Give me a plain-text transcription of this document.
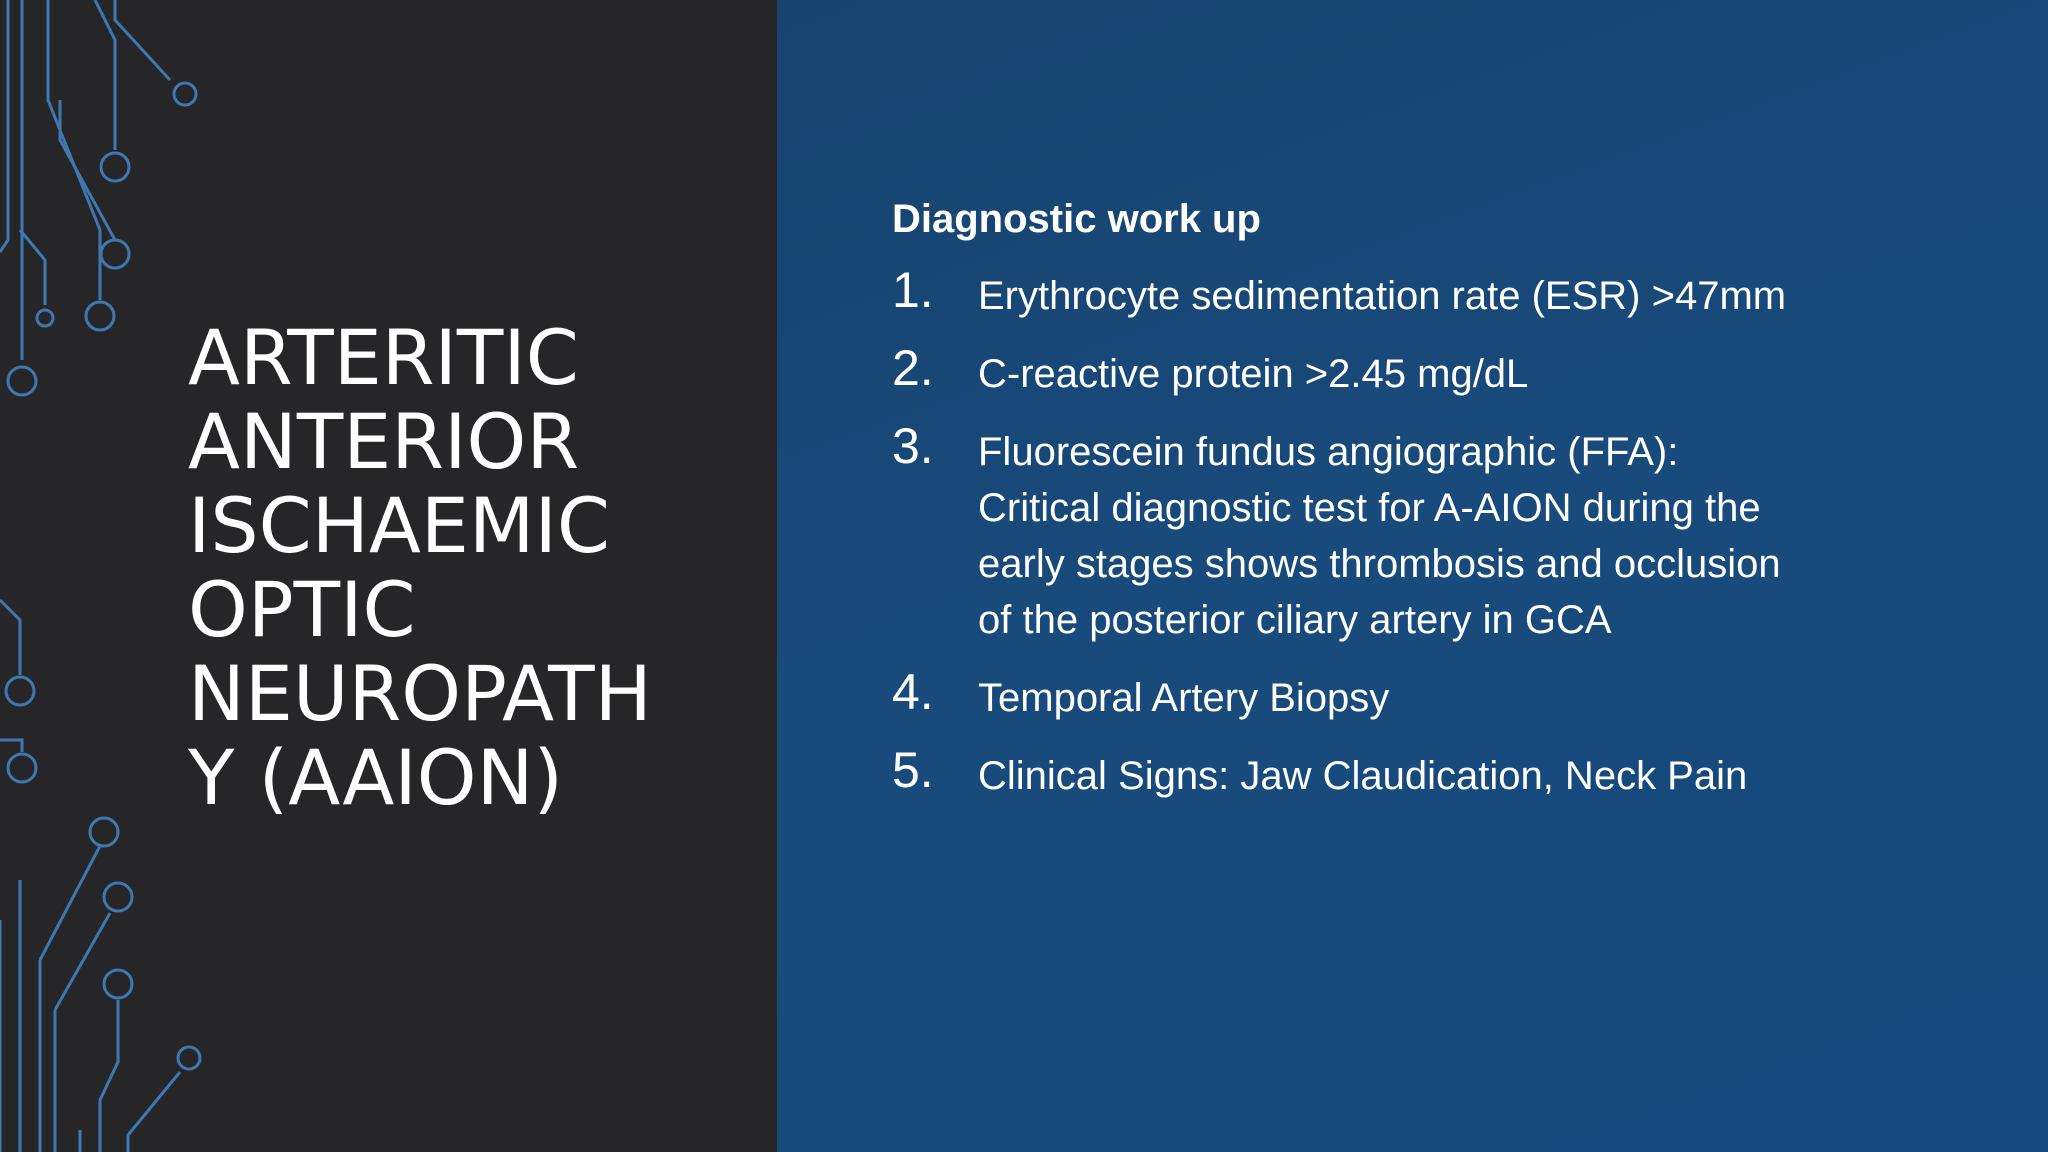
ARTERITIC
ANTERIOR
ISCHAEMIC
OPTIC
NEUROPATH
Y (AAION)
Diagnostic work up
1. Erythrocyte sedimentation rate (ESR) >47mm
2. C-reactive protein >2.45 mg/dL
3. Fluorescein fundus angiographic (FFA): Critical diagnostic test for A-AION during the early stages shows thrombosis and occlusion of the posterior ciliary artery in GCA
4. Temporal Artery Biopsy
5. Clinical Signs: Jaw Claudication, Neck Pain
